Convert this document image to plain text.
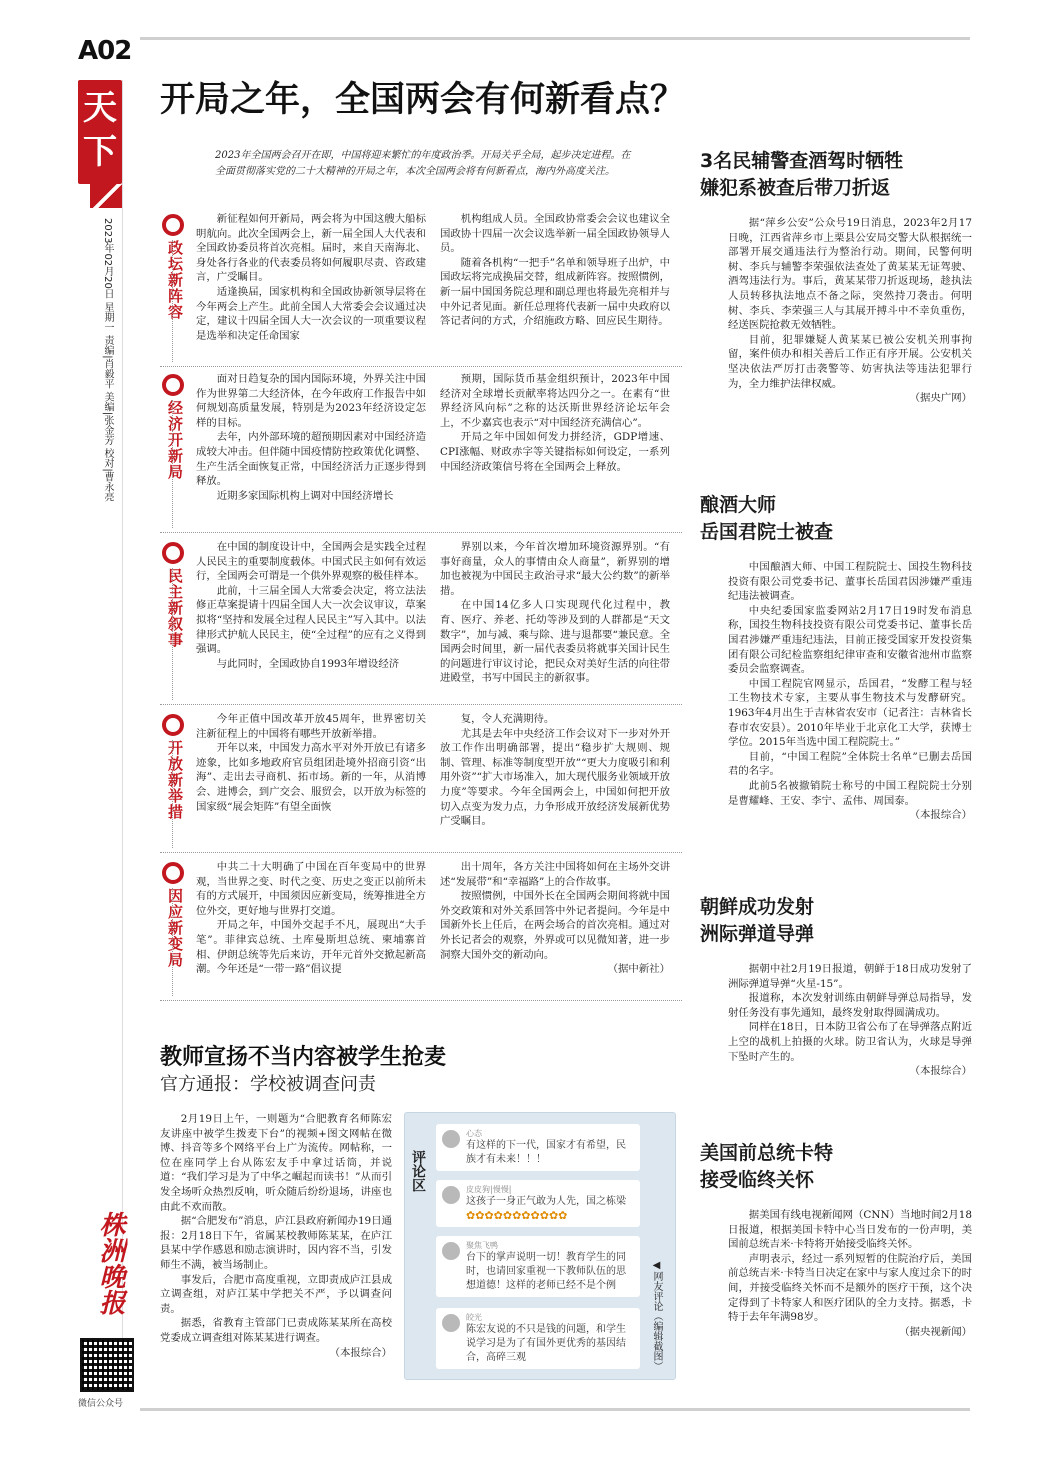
A02
天下
2023年02月20日 星期一 责编|肖毅平 美编|张金芳 校对|曹永亮
开局之年，全国两会有何新看点？
2023年全国两会召开在即，中国将迎来繁忙的年度政治季。开局关乎全局，起步决定进程。在全面贯彻落实党的二十大精神的开局之年，本次全国两会将有何新看点，海内外高度关注。
政坛新阵容

新征程如何开新局，两会将为中国这艘大船标明航向。此次全国两会上，新一届全国人大代表和全国政协委员将首次亮相。届时，来自天南海北、身处各行各业的代表委员将如何履职尽责、咨政建言，广受瞩目。

适逢换届，国家机构和全国政协新领导层将在今年两会上产生。此前全国人大常委会会议通过决定，建议十四届全国人大一次会议的一项重要议程是选举和决定任命国家

机构组成人员。全国政协常委会会议也建议全国政协十四届一次会议选举新一届全国政协领导人员。

随着各机构“一把手”名单和领导班子出炉，中国政坛将完成换届交替，组成新阵容。按照惯例，新一届中国国务院总理和副总理也将最先亮相并与中外记者见面。新任总理将代表新一届中央政府以答记者问的方式，介绍施政方略、回应民生期待。

经济开新局

面对日趋复杂的国内国际环境，外界关注中国作为世界第二大经济体，在今年政府工作报告中如何规划高质量发展，特别是为2023年经济设定怎样的目标。

去年，内外部环境的超预期因素对中国经济造成较大冲击。但伴随中国疫情防控政策优化调整、生产生活全面恢复正常，中国经济活力正逐步得到释放。

近期多家国际机构上调对中国经济增长

预期，国际货币基金组织预计，2023年中国经济对全球增长贡献率将达四分之一。在素有“世界经济风向标”之称的达沃斯世界经济论坛年会上，不少嘉宾也表示“对中国经济充满信心”。

开局之年中国如何发力拼经济，GDP增速、CPI涨幅、财政赤字等关键指标如何设定，一系列中国经济政策信号将在全国两会上释放。

民主新叙事

在中国的制度设计中，全国两会是实践全过程人民民主的重要制度载体。中国式民主如何有效运行，全国两会可谓是一个供外界观察的极佳样本。

此前，十三届全国人大常委会决定，将立法法修正草案提请十四届全国人大一次会议审议，草案拟将“坚持和发展全过程人民民主”写入其中。以法律形式护航人民民主，使“全过程”的应有之义得到强调。

与此同时，全国政协自1993年增设经济

界别以来，今年首次增加环境资源界别。“有事好商量，众人的事情由众人商量”，新界别的增加也被视为中国民主政治寻求“最大公约数”的新举措。

在中国14亿多人口实现现代化过程中，教育、医疗、养老、托幼等涉及到的人群都是“天文数字”，加与减、乘与除、进与退都要“兼民意。全国两会时间里，新一届代表委员将就事关国计民生的问题进行审议讨论，把民众对美好生活的向往带进殿堂，书写中国民主的新叙事。

开放新举措

今年正值中国改革开放45周年，世界密切关注新征程上的中国将有哪些开放新举措。

开年以来，中国发力高水平对外开放已有诸多迹象，比如多地政府官员组团赴境外招商引资“出海”、走出去寻商机、拓市场。新的一年，从消博会、进博会，到广交会、服贸会，以开放为标签的国家级“展会矩阵”有望全面恢

复，令人充满期待。

尤其是去年中央经济工作会议对下一步对外开放工作作出明确部署，提出“稳步扩大规则、规制、管理、标准等制度型开放”“更大力度吸引和利用外资”“扩大市场准入，加大现代服务业领域开放力度”等要求。今年全国两会上，中国如何把开放切入点变为发力点，力争形成开放经济发展新优势广受瞩目。

因应新变局

中共二十大明确了中国在百年变局中的世界观，当世界之变、时代之变、历史之变正以前所未有的方式展开，中国须因应新变局，统筹推进全方位外交，更好地与世界打交道。

开局之年，中国外交起手不凡，展现出“大手笔”。菲律宾总统、土库曼斯坦总统、柬埔寨首相、伊朗总统等先后来访，开年元首外交掀起新高潮。今年还是“一带一路”倡议提

出十周年，各方关注中国将如何在主场外交讲述“发展带”和“幸福路”上的合作故事。

按照惯例，中国外长在全国两会期间将就中国外交政策和对外关系回答中外记者提问。今年是中国新外长上任后，在两会场合的首次亮相。通过对外长记者会的观察，外界或可以见微知著，进一步洞察大国外交的新动向。

（据中新社）
教师宣扬不当内容被学生抢麦
官方通报：学校被调查问责

2月19日上午，一则题为“合肥教育名师陈宏友讲座中被学生拨麦下台”的视频+图文网帖在微博、抖音等多个网络平台上广为流传。网帖称，一位在座同学上台从陈宏友手中拿过话筒，并说道：“我们学习是为了中华之崛起而读书！”从而引发全场听众热烈反响，听众随后纷纷退场，讲座也由此不欢而散。

据“合肥发布”消息，庐江县政府新闻办19日通报：2月18日下午，省属某校教师陈某某，在庐江县某中学作感恩和励志演讲时，因内容不当，引发师生不满，被当场制止。

事发后，合肥市高度重视，立即责成庐江县成立调查组，对庐江某中学把关不严，予以调查问责。

据悉，省教育主管部门已责成陈某某所在高校党委成立调查组对陈某某进行调查。

（本报综合）
评论区
心态
有这样的下一代，国家才有希望，民族才有未来！！！
皮皮狗|慢慢|
这孩子一身正气敢为人先，国之栋梁
✿✿✿✿✿✿✿✿✿✿✿
聚焦飞鸭
台下的掌声说明一切！教育学生的同时，也请回家重视一下教师队伍的思想道德！这样的老师已经不是个例
皎光
陈宏友说的不只是钱的问题，和学生说学习是为了有国外更优秀的基因结合，高碎三观	◀网友评论（编辑截图）
3名民辅警查酒驾时牺牲
嫌犯系被查后带刀折返

据“萍乡公安”公众号19日消息，2023年2月17日晚，江西省萍乡市上栗县公安局交警大队根据统一部署开展交通违法行为整治行动。期间，民警何明树、李兵与辅警李荣强依法查处了黄某某无证驾驶、酒驾违法行为。事后，黄某某带刀折返现场，趁执法人员转移执法地点不备之际，突然持刀袭击。何明树、李兵、李荣强三人与其展开搏斗中不幸负重伤，经送医院抢救无效牺牲。

目前，犯罪嫌疑人黄某某已被公安机关刑事拘留，案件侦办和相关善后工作正有序开展。公安机关坚决依法严厉打击袭警等、妨害执法等违法犯罪行为，全力维护法律权威。

（据央广网）
酿酒大师
岳国君院士被查

中国酿酒大师、中国工程院院士、国投生物科技投资有限公司党委书记、董事长岳国君因涉嫌严重违纪违法被调查。

中央纪委国家监委网站2月17日19时发布消息称，国投生物科技投资有限公司党委书记、董事长岳国君涉嫌严重违纪违法，目前正接受国家开发投资集团有限公司纪检监察组纪律审查和安徽省池州市监察委员会监察调查。

中国工程院官网显示，岳国君，“发酵工程与轻工生物技术专家，主要从事生物技术与发酵研究。1963年4月出生于吉林省农安市（记者注：吉林省长春市农安县）。2010年毕业于北京化工大学，获博士学位。2015年当选中国工程院院士。”

目前，“中国工程院”全体院士名单”已删去岳国君的名字。

此前5名被撤销院士称号的中国工程院院士分别是曹耀峰、王安、李宁、孟伟、周国泰。

（本报综合）
朝鲜成功发射
洲际弹道导弹

据朝中社2月19日报道，朝鲜于18日成功发射了洲际弹道导弹“火星-15”。

报道称，本次发射训练由朝鲜导弹总局指导，发射任务没有事先通知，最终发射取得圆满成功。

同样在18日，日本防卫省公布了在导弹落点附近上空的战机上拍摄的火球。防卫省认为，火球是导弹下坠时产生的。

（本报综合）
美国前总统卡特
接受临终关怀

据美国有线电视新闻网（CNN）当地时间2月18日报道，根据美国卡特中心当日发布的一份声明，美国前总统吉米·卡特将开始接受临终关怀。

声明表示，经过一系列短暂的住院治疗后，美国前总统吉米·卡特当日决定在家中与家人度过余下的时间，并接受临终关怀而不是额外的医疗干预，这个决定得到了卡特家人和医疗团队的全力支持。据悉，卡特于去年年满98岁。

（据央视新闻）
株洲晚报
微信公众号
